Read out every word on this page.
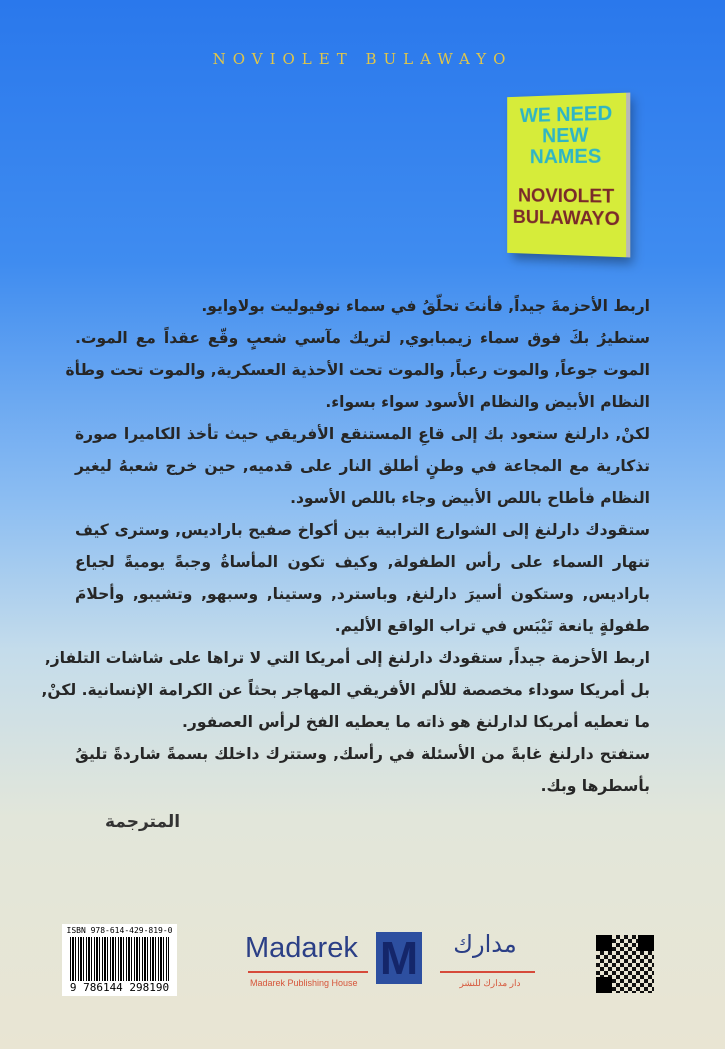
NOVIOLET BULAWAYO
WE NEED NEW NAMES
NOVIOLET BULAWAYO
اربط الأحزمةَ جيداً, فأنتَ تحلّقُ في سماء نوفيوليت بولاوايو.
ستطيرُ بكَ فوق سماء زيمبابوي, لتريك مآسي شعبٍ وقّع عقداً مع الموت.
الموت جوعاً, والموت رعباً, والموت تحت الأحذية العسكرية, والموت تحت وطأة
النظام الأبيض والنظام الأسود سواء بسواء.
لكنْ, دارلنغ ستعود بك إلى قاعِ المستنقع الأفريقي حيث تأخذ الكاميرا صورة
تذكارية مع المجاعة في وطنٍ أطلق النار على قدميه, حين خرج شعبهُ ليغير
النظام فأطاح باللص الأبيض وجاء باللص الأسود.
ستقودك دارلنغ إلى الشوارع الترابية بين أكواخ صفيح باراديس, وسترى كيف
تنهار السماء على رأس الطفولة, وكيف تكون المأساةُ وجبةً يوميةً لجياع
باراديس, وستكون أسيرَ دارلنغ, وباسترد, وستينا, وسبهو, وتشيبو, وأحلامَ
طفولةٍ يانعة تَيْبَس في تراب الواقع الأليم.
اربط الأحزمة جيداً, ستقودك دارلنغ إلى أمريكا التي لا تراها على شاشات التلفاز,
بل أمريكا سوداء مخصصة للألم الأفريقي المهاجر بحثاً عن الكرامة الإنسانية. لكنْ,
ما تعطيه أمريكا لدارلنغ هو ذاته ما يعطيه الفخ لرأس العصفور.
ستفتح دارلنغ غابةً من الأسئلة في رأسك, وستترك داخلك بسمةً شاردةً تليقُ
بأسطرها وبك.
المترجمة
ISBN 978-614-429-819-0
9 786144 298190
Madarek
Madarek Publishing House M	مدارك
دار مدارك للنشر
